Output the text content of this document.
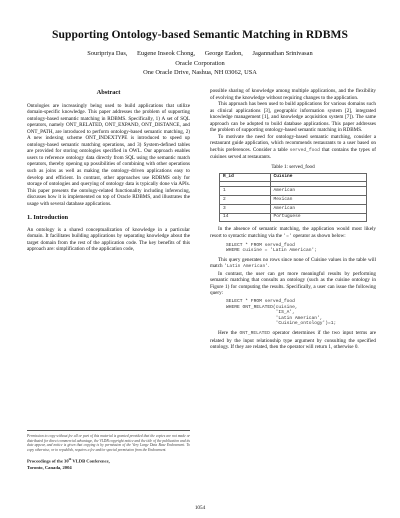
Supporting Ontology-based Semantic Matching in RDBMS
Souripriya Das, Eugene Inseok Chong, George Eadon, Jagannathan Srinivasan
Oracle Corporation
One Oracle Drive, Nashua, NH 03062, USA
Abstract

Ontologies are increasingly being used to build applications that utilize domain-specific knowledge. This paper addresses the problem of supporting ontology-based semantic matching in RDBMS. Specifically, 1) A set of SQL operators, namely ONT_RELATED, ONT_EXPAND, ONT_DISTANCE, and ONT_PATH, are introduced to perform ontology-based semantic matching, 2) A new indexing scheme ONT_INDEXTYPE is introduced to speed up ontology-based semantic matching operations, and 3) System-defined tables are provided for storing ontologies specified in OWL. Our approach enables users to reference ontology data directly from SQL using the semantic match operators, thereby opening up possibilities of combining with other operations such as joins as well as making the ontology-driven applications easy to develop and efficient. In contrast, other approaches use RDBMS only for storage of ontologies and querying of ontology data is typically done via APIs. This paper presents the ontology-related functionality including inferencing, discusses how it is implemented on top of Oracle RDBMS, and illustrates the usage with several database applications.

1. Introduction

An ontology is a shared conceptualization of knowledge in a particular domain. It facilitates building applications by separating knowledge about the target domain from the rest of the application code. The key benefits of this approach are: simplification of the application code,

Permission to copy without fee all or part of this material is granted provided that the copies are not made or distributed for direct commercial advantage, the VLDB copyright notice and the title of the publication and its date appear, and notice is given that copying is by permission of the Very Large Data Base Endowment. To copy otherwise, or to republish, requires a fee and/or special permission from the Endowment.
Proceedings of the 30th VLDB Conference,
Toronto, Canada, 2004

possible sharing of knowledge among multiple applications, and the flexibility of evolving the knowledge without requiring changes to the application.

This approach has been used to build applications for various domains such as clinical applications [3], geographic information system [2], integrated knowledge management [1], and knowledge acquisition system [7]). The same approach can be adopted to build database applications. This paper addresses the problem of supporting ontology-based semantic matching in RDBMS.

To motivate the need for ontology-based semantic matching, consider a restaurant guide application, which recommends restaurants to a user based on her/his preferences. Consider a table served_food that contains the types of cuisines served at restaurants.

Table 1: served_food
R_id	Cuisine

1	American
2	Mexican
3	American
14	Portuguese

In the absence of semantic matching, the application would most likely resort to syntactic matching via the '=' operator as shown below:

SELECT * FROM served_food
WHERE cuisine = 'Latin American';

This query generates no rows since none of Cuisine values in the table will match 'Latin American'.

In contrast, the user can get more meaningful results by performing semantic matching that consults an ontology (such as the cuisine ontology in Figure 1) for computing the results. Specifically, a user can issue the following query:

SELECT * FROM served_food
WHERE ONT_RELATED(cuisine,
'IS_A',
'Latin American',
'Cuisine_ontology')=1;

Here the ONT_RELATED operator determines if the two input terms are related by the input relationship type argument by consulting the specified ontology. If they are related, then the operator will return 1, otherwise 0.

1054
